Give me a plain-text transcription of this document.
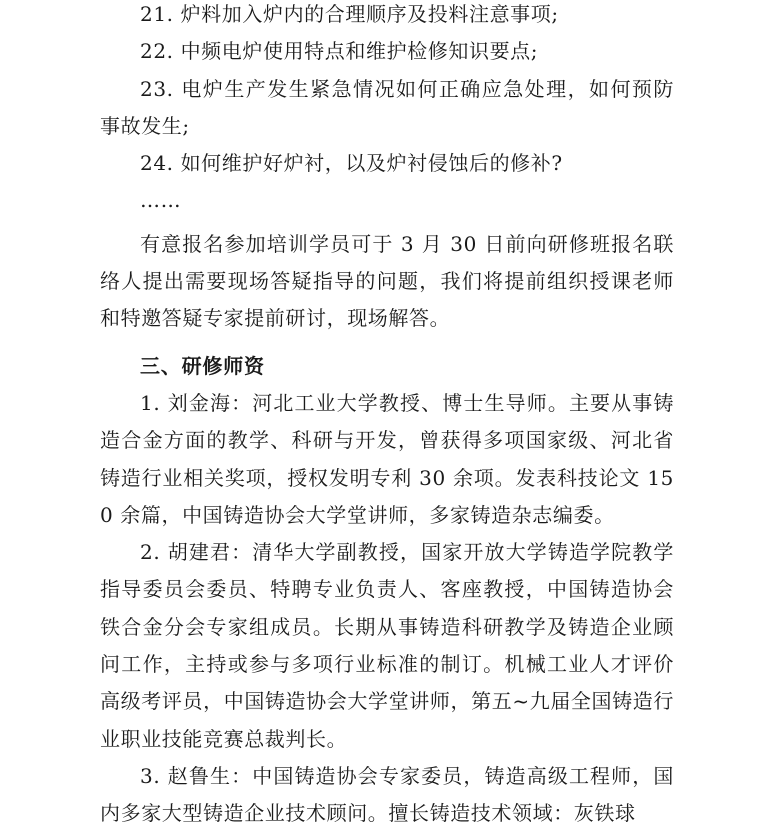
21. 炉料加入炉内的合理顺序及投料注意事项;

22. 中频电炉使用特点和维护检修知识要点;

23. 电炉生产发生紧急情况如何正确应急处理，如何预防事故发生;

24. 如何维护好炉衬，以及炉衬侵蚀后的修补?

……

有意报名参加培训学员可于 3 月 30 日前向研修班报名联络人提出需要现场答疑指导的问题，我们将提前组织授课老师和特邀答疑专家提前研讨，现场解答。

三、研修师资

1. 刘金海：河北工业大学教授、博士生导师。主要从事铸造合金方面的教学、科研与开发，曾获得多项国家级、河北省铸造行业相关奖项，授权发明专利 30 余项。发表科技论文 150 余篇，中国铸造协会大学堂讲师，多家铸造杂志编委。

2. 胡建君：清华大学副教授，国家开放大学铸造学院教学指导委员会委员、特聘专业负责人、客座教授，中国铸造协会铁合金分会专家组成员。长期从事铸造科研教学及铸造企业顾问工作，主持或参与多项行业标准的制订。机械工业人才评价高级考评员，中国铸造协会大学堂讲师，第五~九届全国铸造行业职业技能竞赛总裁判长。

3. 赵鲁生：中国铸造协会专家委员，铸造高级工程师，国内多家大型铸造企业技术顾问。擅长铸造技术领域：灰铁球
